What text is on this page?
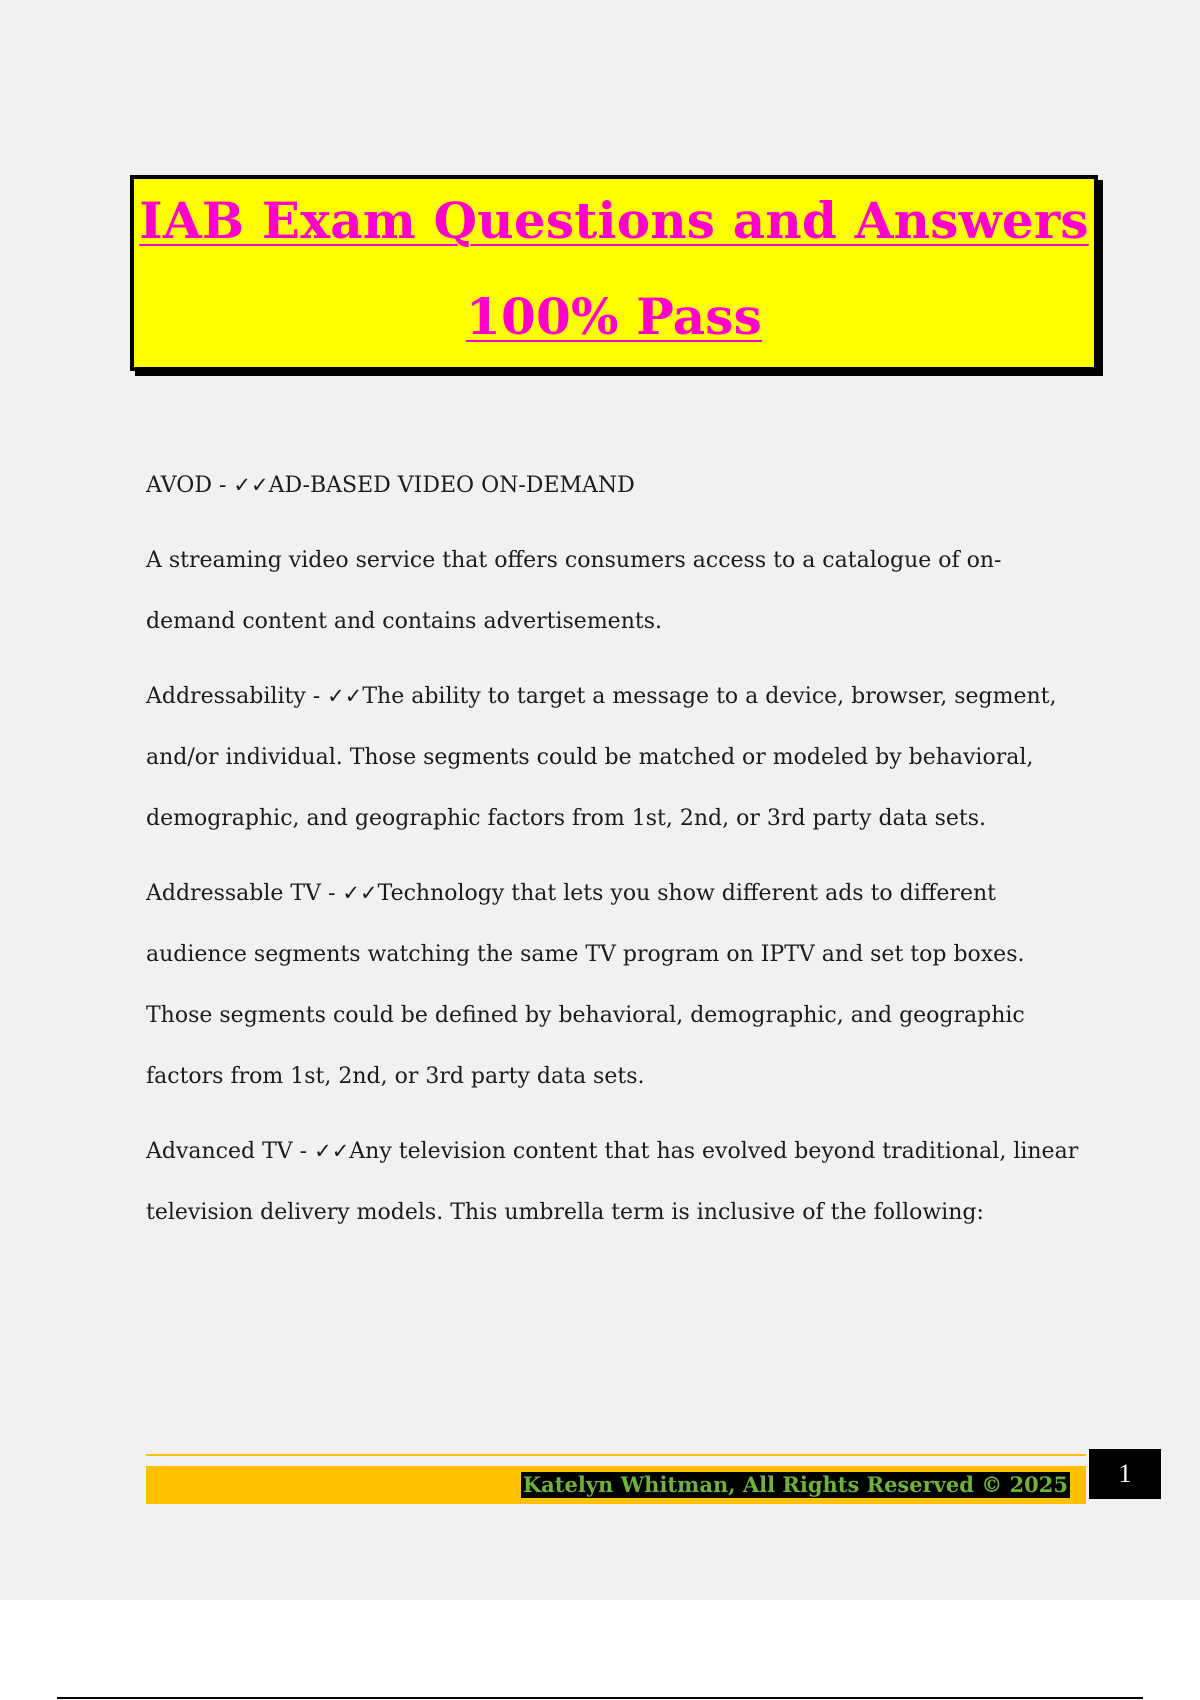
IAB Exam Questions and Answers
100% Pass

AVOD - ✓✓AD-BASED VIDEO ON-DEMAND

A streaming video service that offers consumers access to a catalogue of on-demand content and contains advertisements.

Addressability - ✓✓The ability to target a message to a device, browser, segment, and/or individual. Those segments could be matched or modeled by behavioral, demographic, and geographic factors from 1st, 2nd, or 3rd party data sets.

Addressable TV - ✓✓Technology that lets you show different ads to different audience segments watching the same TV program on IPTV and set top boxes. Those segments could be defined by behavioral, demographic, and geographic factors from 1st, 2nd, or 3rd party data sets.

Advanced TV - ✓✓Any television content that has evolved beyond traditional, linear television delivery models. This umbrella term is inclusive of the following:

Katelyn Whitman, All Rights Reserved © 2025	1
